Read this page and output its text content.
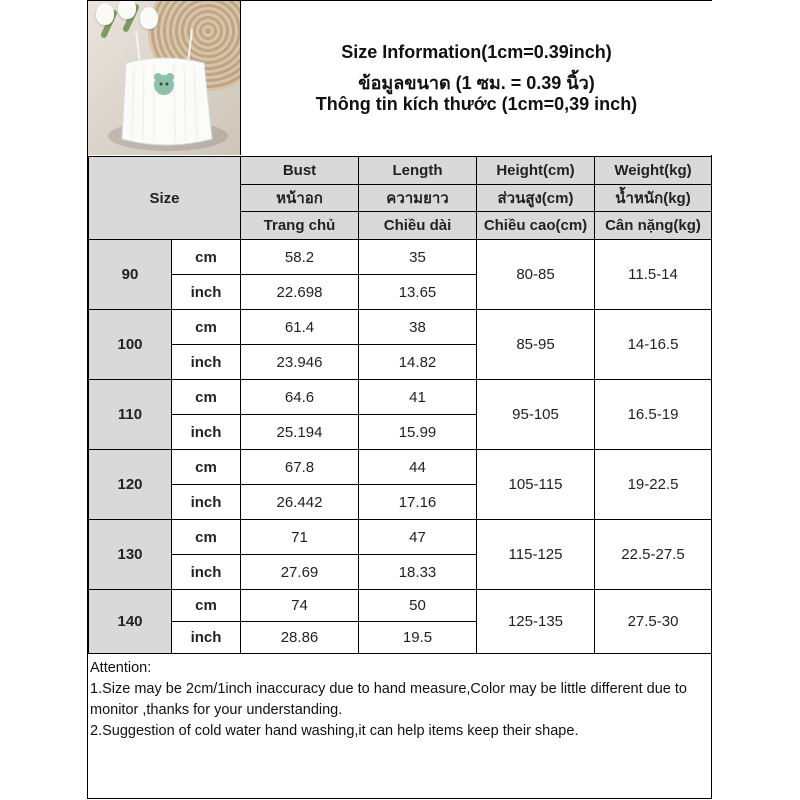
Size Information(1cm=0.39inch)
ข้อมูลขนาด (1 ซม. = 0.39 นิ้ว)
Thông tin kích thước (1cm=0,39 inch)
Size		Bust	Length	Height(cm)	Weight(kg)
		หน้าอก	ความยาว	ส่วนสูง(cm)	น้ำหนัก(kg)
		Trang chủ	Chiều dài	Chiều cao(cm)	Cân nặng(kg)
90	cm	58.2	35	80-85	11.5-14
	inch	22.698	13.65		
100	cm	61.4	38	85-95	14-16.5
	inch	23.946	14.82		
110	cm	64.6	41	95-105	16.5-19
	inch	25.194	15.99		
120	cm	67.8	44	105-115	19-22.5
	inch	26.442	17.16		
130	cm	71	47	115-125	22.5-27.5
	inch	27.69	18.33		
140	cm	74	50	125-135	27.5-30
	inch	28.86	19.5		
Attention:
1.Size may be 2cm/1inch inaccuracy due to hand measure,Color may be little different due to monitor ,thanks for your understanding.
2.Suggestion of cold water hand washing,it can help items keep their shape.
